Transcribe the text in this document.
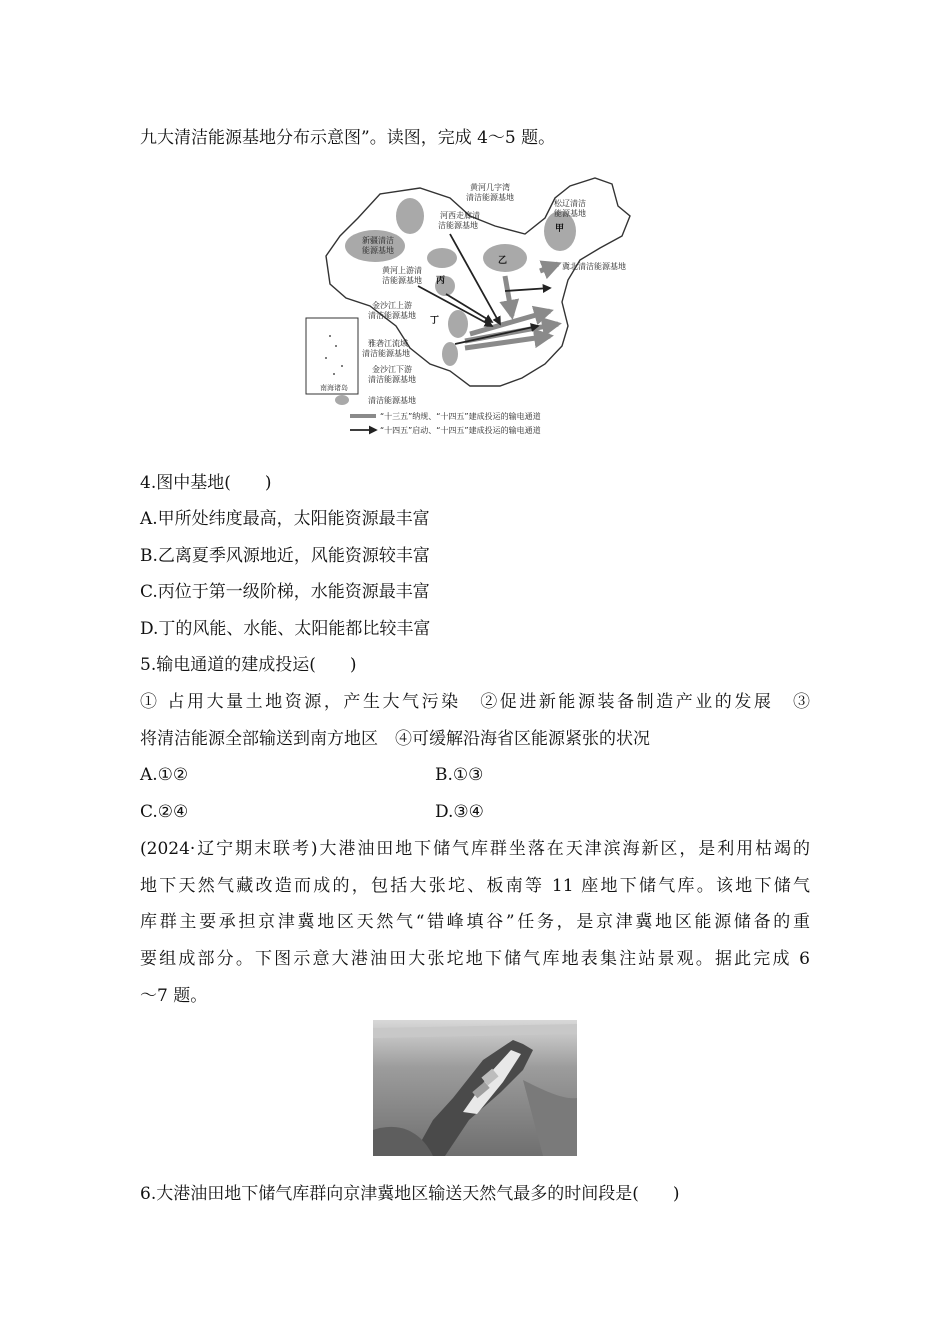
九大清洁能源基地分布示意图”。读图，完成 4～5 题。
甲
乙
丙
丁
新疆清洁
能源基地
河西走廊清
洁能源基地
黄河几字湾
清洁能源基地
松辽清洁
能源基地
冀北清洁能源基地
黄河上游清
洁能源基地
金沙江上游
清洁能源基地
雅砻江流域
清洁能源基地
金沙江下游
清洁能源基地
南海诸岛
清洁能源基地
“十三五”纳规、“十四五”建成投运的输电通道
“十四五”启动、“十四五”建成投运的输电通道
4.图中基地(　　)
A.甲所处纬度最高，太阳能资源最丰富
B.乙离夏季风源地近，风能资源较丰富
C.丙位于第一级阶梯，水能资源最丰富
D.丁的风能、水能、太阳能都比较丰富
5.输电通道的建成投运(　　)
① 占用大量土地资源，产生大气污染　②促进新能源装备制造产业的发展　③
将清洁能源全部输送到南方地区　④可缓解沿海省区能源紧张的状况
A.①②	B.①③
C.②④	D.③④
(2024·辽宁期末联考)大港油田地下储气库群坐落在天津滨海新区，是利用枯竭的
地下天然气藏改造而成的，包括大张坨、板南等 11 座地下储气库。该地下储气
库群主要承担京津冀地区天然气“错峰填谷”任务，是京津冀地区能源储备的重
要组成部分。下图示意大港油田大张坨地下储气库地表集注站景观。据此完成 6
～7 题。
6.大港油田地下储气库群向京津冀地区输送天然气最多的时间段是(　　)
